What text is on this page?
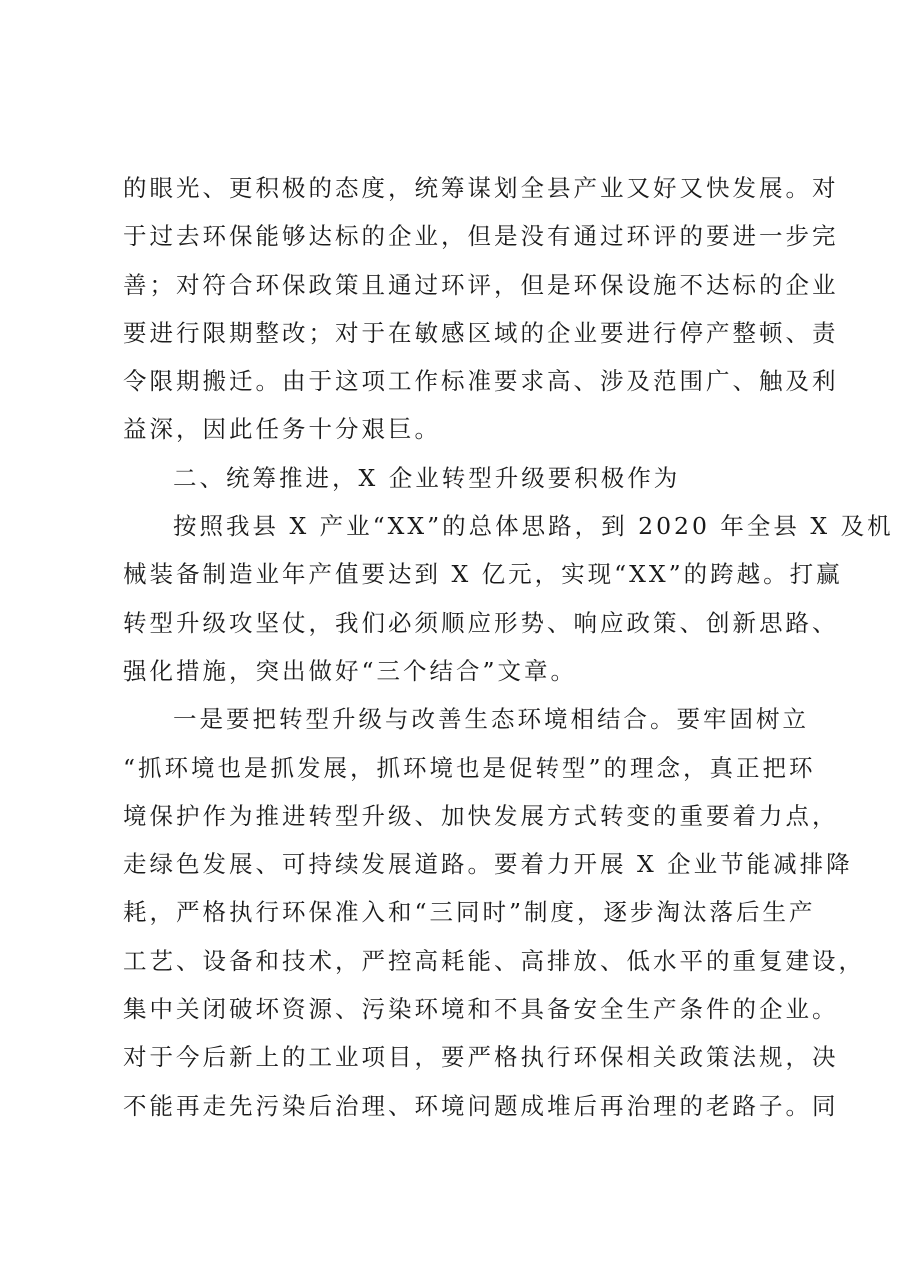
的眼光、更积极的态度，统筹谋划全县产业又好又快发展。对
于过去环保能够达标的企业，但是没有通过环评的要进一步完
善；对符合环保政策且通过环评，但是环保设施不达标的企业
要进行限期整改；对于在敏感区域的企业要进行停产整顿、责
令限期搬迁。由于这项工作标准要求高、涉及范围广、触及利
益深，因此任务十分艰巨。
二、统筹推进，X 企业转型升级要积极作为
按照我县 X 产业“XX”的总体思路，到 2020 年全县 X 及机
械装备制造业年产值要达到 X 亿元，实现“XX”的跨越。打赢
转型升级攻坚仗，我们必须顺应形势、响应政策、创新思路、
强化措施，突出做好“三个结合”文章。
一是要把转型升级与改善生态环境相结合。要牢固树立
“抓环境也是抓发展，抓环境也是促转型”的理念，真正把环
境保护作为推进转型升级、加快发展方式转变的重要着力点，
走绿色发展、可持续发展道路。要着力开展 X 企业节能减排降
耗，严格执行环保准入和“三同时”制度，逐步淘汰落后生产
工艺、设备和技术，严控高耗能、高排放、低水平的重复建设，
集中关闭破坏资源、污染环境和不具备安全生产条件的企业。
对于今后新上的工业项目，要严格执行环保相关政策法规，决
不能再走先污染后治理、环境问题成堆后再治理的老路子。同
